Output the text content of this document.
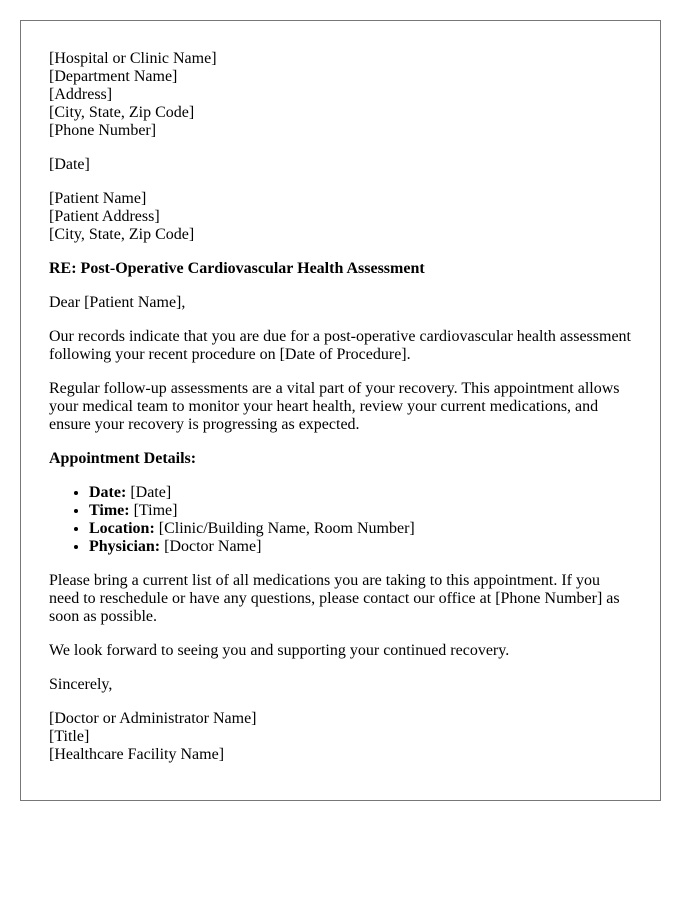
[Hospital or Clinic Name]
[Department Name]
[Address]
[City, State, Zip Code]
[Phone Number]

[Date]

[Patient Name]
[Patient Address]
[City, State, Zip Code]

RE: Post-Operative Cardiovascular Health Assessment

Dear [Patient Name],

Our records indicate that you are due for a post-operative cardiovascular health assessment following your recent procedure on [Date of Procedure].

Regular follow-up assessments are a vital part of your recovery. This appointment allows your medical team to monitor your heart health, review your current medications, and ensure your recovery is progressing as expected.

Appointment Details:

• Date: [Date]
• Time: [Time]
• Location: [Clinic/Building Name, Room Number]
• Physician: [Doctor Name]

Please bring a current list of all medications you are taking to this appointment. If you need to reschedule or have any questions, please contact our office at [Phone Number] as soon as possible.

We look forward to seeing you and supporting your continued recovery.

Sincerely,

[Doctor or Administrator Name]
[Title]
[Healthcare Facility Name]
